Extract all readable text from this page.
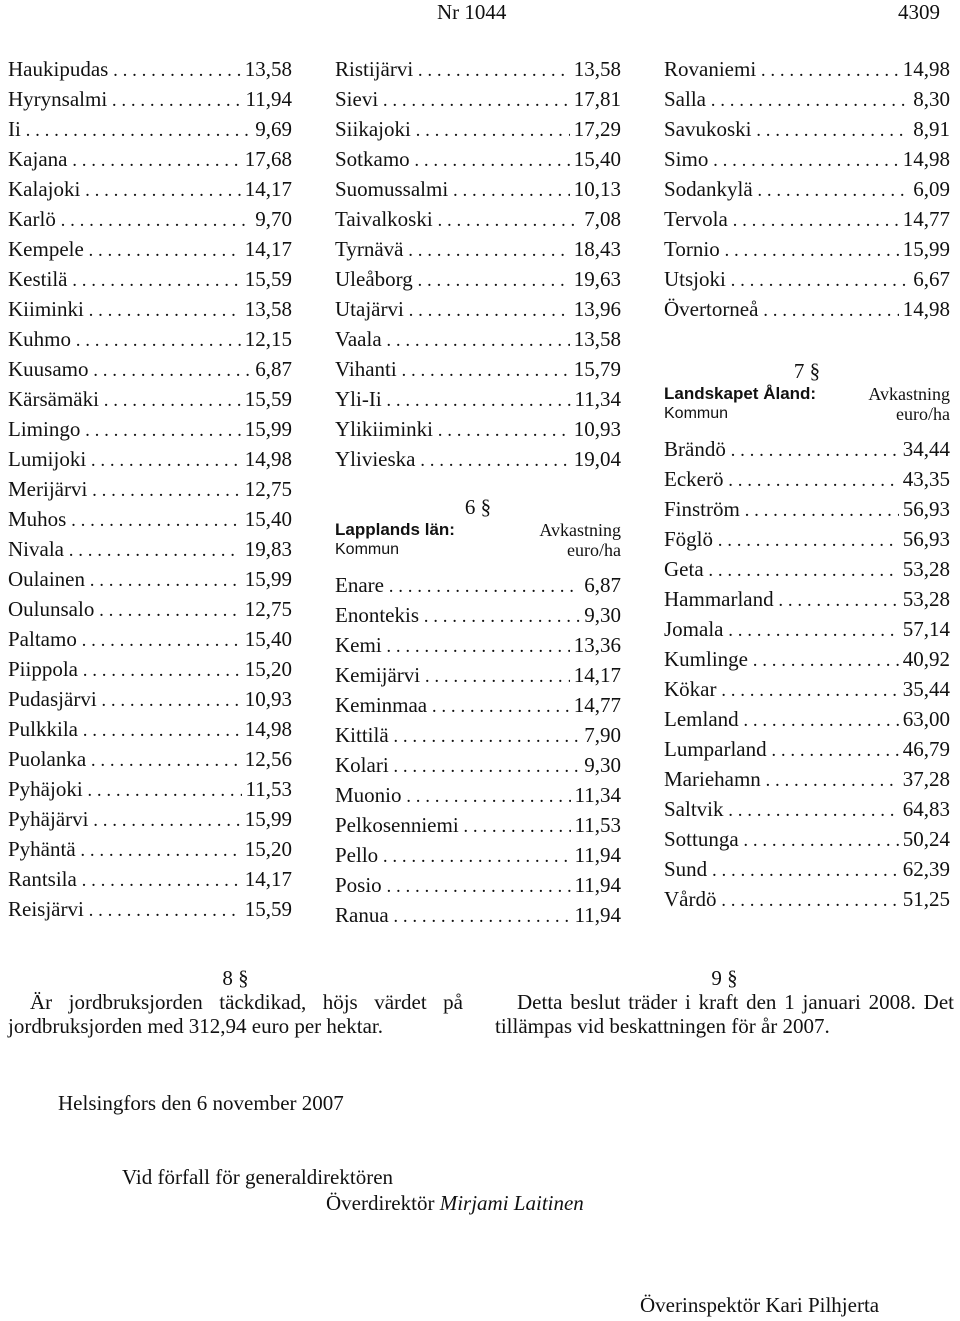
Nr 1044	4309
Haukipudas . . .	13,58
Hyrynsalmi . . .	11,94
Ii . . .	9,69
Kajana . . .	17,68
Kalajoki . . .	14,17
Karlö . . .	9,70
Kempele . . .	14,17
Kestilä . . .	15,59
Kiiminki . . .	13,58
Kuhmo . . .	12,15
Kuusamo . . .	6,87
Kärsämäki . . .	15,59
Limingo . . .	15,99
Lumijoki . . .	14,98
Merijärvi . . .	12,75
Muhos . . .	15,40
Nivala . . .	19,83
Oulainen . . .	15,99
Oulunsalo . . .	12,75
Paltamo . . .	15,40
Piippola . . .	15,20
Pudasjärvi . . .	10,93
Pulkkila . . .	14,98
Puolanka . . .	12,56
Pyhäjoki . . .	11,53
Pyhäjärvi . . .	15,99
Pyhäntä . . .	15,20
Rantsila . . .	14,17
Reisjärvi . . .	15,59
Ristijärvi . . .	13,58
Sievi . . .	17,81
Siikajoki . . .	17,29
Sotkamo . . .	15,40
Suomussalmi . . .	10,13
Taivalkoski . . .	7,08
Tyrnävä . . .	18,43
Uleåborg . . .	19,63
Utajärvi . . .	13,96
Vaala . . .	13,58
Vihanti . . .	15,79
Yli-Ii . . .	11,34
Ylikiiminki . . .	10,93
Ylivieska . . .	19,04
6 §
Lapplands län:	Avkastning
Kommun	euro/ha
Enare . . .	6,87
Enontekis . . .	9,30
Kemi . . .	13,36
Kemijärvi . . .	14,17
Keminmaa . . .	14,77
Kittilä . . .	7,90
Kolari . . .	9,30
Muonio . . .	11,34
Pelkosenniemi . . .	11,53
Pello . . .	11,94
Posio . . .	11,94
Ranua . . .	11,94
Rovaniemi . . .	14,98
Salla . . .	8,30
Savukoski . . .	8,91
Simo . . .	14,98
Sodankylä . . .	6,09
Tervola . . .	14,77
Tornio . . .	15,99
Utsjoki . . .	6,67
Övertorneå . . .	14,98
7 §
Landskapet Åland:	Avkastning
Kommun	euro/ha
Brändö . . .	34,44
Eckerö . . .	43,35
Finström . . .	56,93
Föglö . . .	56,93
Geta . . .	53,28
Hammarland . . .	53,28
Jomala . . .	57,14
Kumlinge . . .	40,92
Kökar . . .	35,44
Lemland . . .	63,00
Lumparland . . .	46,79
Mariehamn . . .	37,28
Saltvik . . .	64,83
Sottunga . . .	50,24
Sund . . .	62,39
Vårdö . . .	51,25
8 §
Är jordbruksjorden täckdikad, höjs värdet på jordbruksjorden med 312,94 euro per hektar.
9 §
Detta beslut träder i kraft den 1 januari 2008. Det tillämpas vid beskattningen för år 2007.
Helsingfors den 6 november 2007
Vid förfall för generaldirektören
Överdirektör Mirjami Laitinen
Överinspektör Kari Pilhjerta
